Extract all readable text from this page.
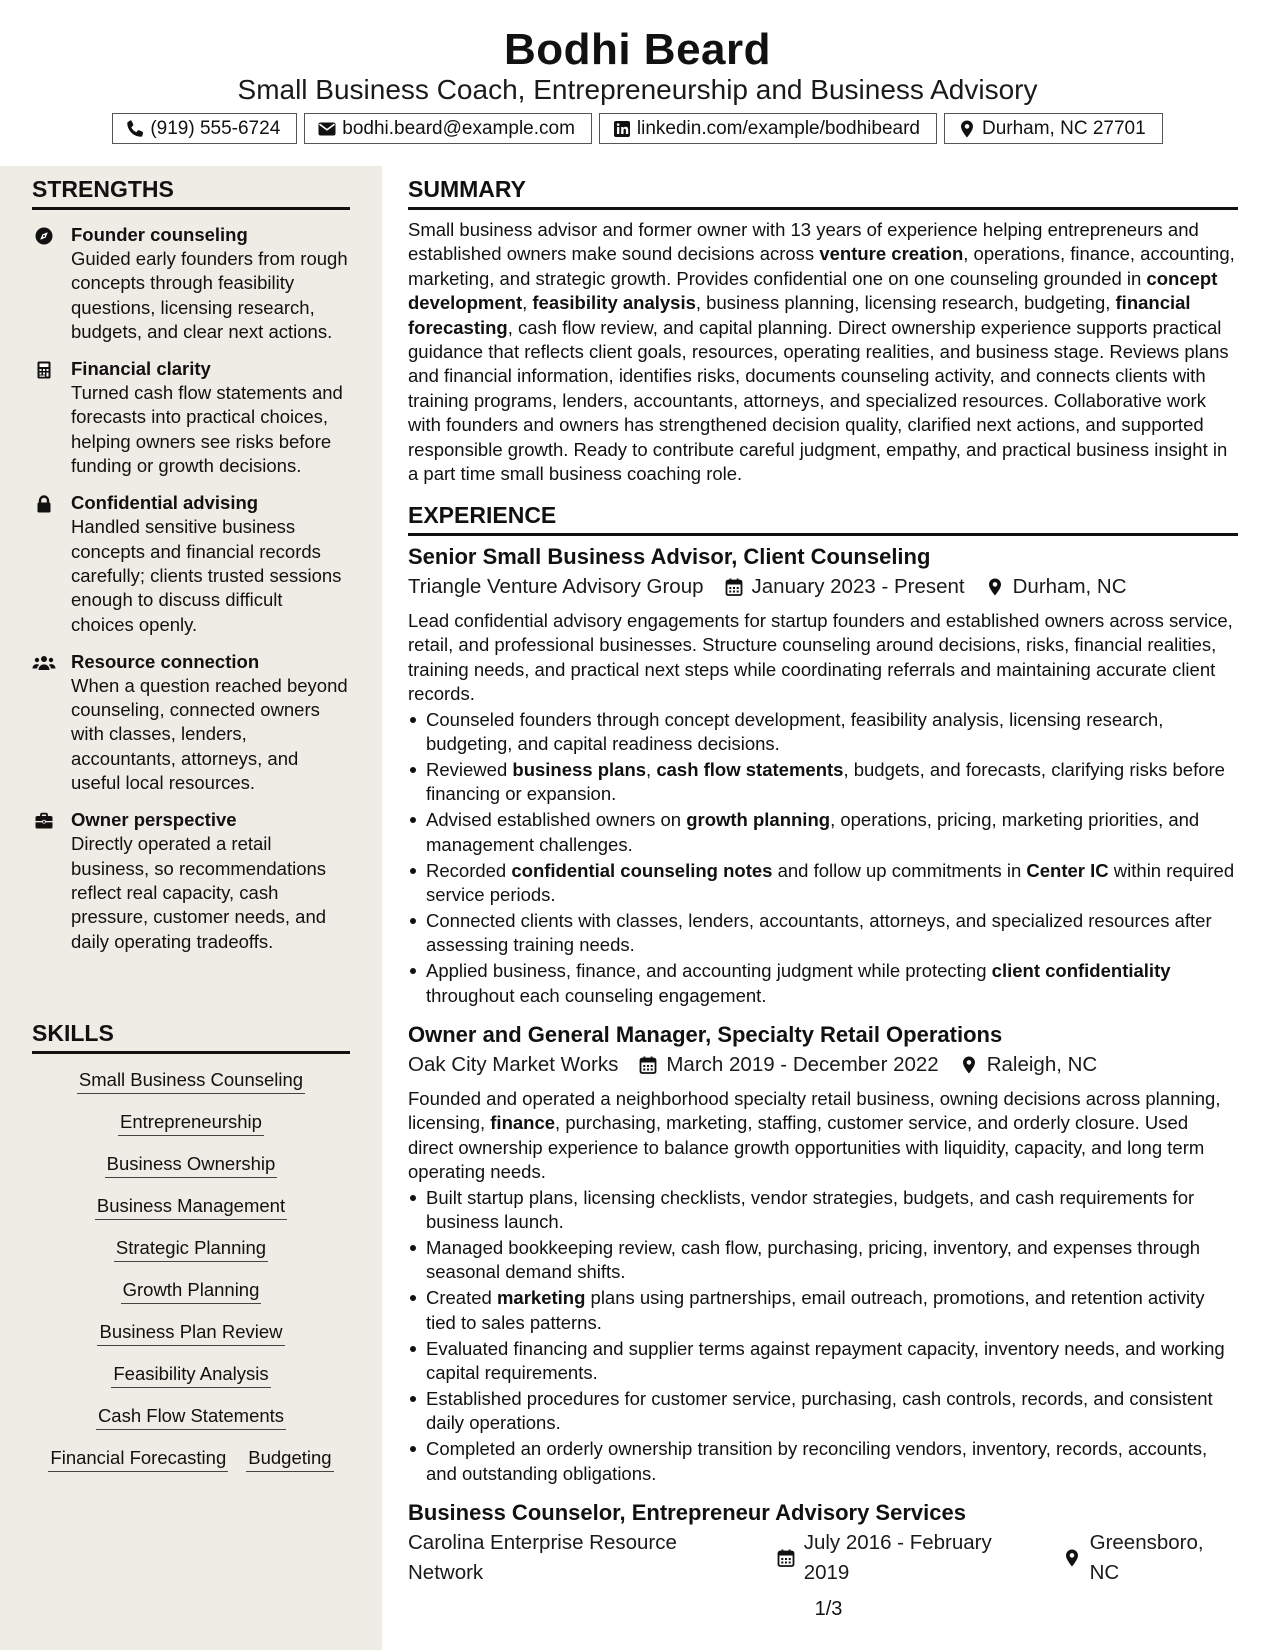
Bodhi Beard
Small Business Coach, Entrepreneurship and Business Advisory
(919) 555-6724	bodhi.beard@example.com	linkedin.com/example/bodhibeard	Durham, NC 27701
STRENGTHS
Founder counseling
Guided early founders from rough concepts through feasibility questions, licensing research, budgets, and clear next actions.
Financial clarity
Turned cash flow statements and forecasts into practical choices, helping owners see risks before funding or growth decisions.
Confidential advising
Handled sensitive business concepts and financial records carefully; clients trusted sessions enough to discuss difficult choices openly.
Resource connection
When a question reached beyond counseling, connected owners with classes, lenders, accountants, attorneys, and useful local resources.
Owner perspective
Directly operated a retail business, so recommendations reflect real capacity, cash pressure, customer needs, and daily operating tradeoffs.
SKILLS
Small Business Counseling
Entrepreneurship
Business Ownership
Business Management
Strategic Planning
Growth Planning
Business Plan Review
Feasibility Analysis
Cash Flow Statements
Financial Forecasting Budgeting
SUMMARY
Small business advisor and former owner with 13 years of experience helping entrepreneurs and established owners make sound decisions across venture creation, operations, finance, accounting, marketing, and strategic growth. Provides confidential one on one counseling grounded in concept development, feasibility analysis, business planning, licensing research, budgeting, financial forecasting, cash flow review, and capital planning. Direct ownership experience supports practical guidance that reflects client goals, resources, operating realities, and business stage. Reviews plans and financial information, identifies risks, documents counseling activity, and connects clients with training programs, lenders, accountants, attorneys, and specialized resources. Collaborative work with founders and owners has strengthened decision quality, clarified next actions, and supported responsible growth. Ready to contribute careful judgment, empathy, and practical business insight in a part time small business coaching role.
EXPERIENCE
Senior Small Business Advisor, Client Counseling
Triangle Venture Advisory Group January 2023 - Present Durham, NC
Lead confidential advisory engagements for startup founders and established owners across service, retail, and professional businesses. Structure counseling around decisions, risks, financial realities, training needs, and practical next steps while coordinating referrals and maintaining accurate client records.
Counseled founders through concept development, feasibility analysis, licensing research, budgeting, and capital readiness decisions.
Reviewed business plans, cash flow statements, budgets, and forecasts, clarifying risks before financing or expansion.
Advised established owners on growth planning, operations, pricing, marketing priorities, and management challenges.
Recorded confidential counseling notes and follow up commitments in Center IC within required service periods.
Connected clients with classes, lenders, accountants, attorneys, and specialized resources after assessing training needs.
Applied business, finance, and accounting judgment while protecting client confidentiality throughout each counseling engagement.
Owner and General Manager, Specialty Retail Operations
Oak City Market Works March 2019 - December 2022 Raleigh, NC
Founded and operated a neighborhood specialty retail business, owning decisions across planning, licensing, finance, purchasing, marketing, staffing, customer service, and orderly closure. Used direct ownership experience to balance growth opportunities with liquidity, capacity, and long term operating needs.
Built startup plans, licensing checklists, vendor strategies, budgets, and cash requirements for business launch.
Managed bookkeeping review, cash flow, purchasing, pricing, inventory, and expenses through seasonal demand shifts.
Created marketing plans using partnerships, email outreach, promotions, and retention activity tied to sales patterns.
Evaluated financing and supplier terms against repayment capacity, inventory needs, and working capital requirements.
Established procedures for customer service, purchasing, cash controls, records, and consistent daily operations.
Completed an orderly ownership transition by reconciling vendors, inventory, records, accounts, and outstanding obligations.
Business Counselor, Entrepreneur Advisory Services
Carolina Enterprise Resource Network
July 2016 - February 2019
Greensboro, NC
1/3
